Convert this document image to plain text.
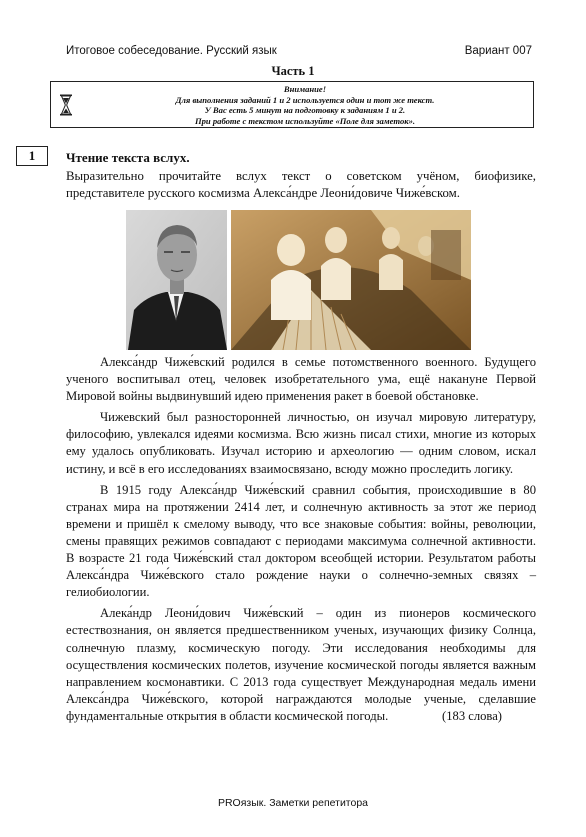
Итоговое собеседование. Русский язык	Вариант 007
Часть 1
Внимание!
Для выполнения заданий 1 и 2 используется один и тот же текст.
У Вас есть 5 минут на подготовку к заданиям 1 и 2.
При работе с текстом используйте «Поле для заметок».
1	Чтение текста вслух.
Выразительно прочитайте вслух текст о советском учёном, биофизике,
представителе русского космизма Алекса́ндре Леони́довиче Чиже́вском.

Алекса́ндр Чиже́вский родился в семье потомственного военного. Будущего ученого воспитывал отец, человек изобретательного ума, ещё накануне Первой Мировой войны выдвинувший идею применения ракет в боевой обстановке.

Чижевский был разносторонней личностью, он изучал мировую литературу, философию, увлекался идеями космизма. Всю жизнь писал стихи, многие из которых ему удалось опубликовать. Изучал историю и археологию — одним словом, искал истину, и всё в его исследованиях взаимосвязано, всюду можно проследить логику.

В 1915 году Алекса́ндр Чиже́вский сравнил события, происходившие в 80 странах мира на протяжении 2414 лет, и солнечную активность за этот же период времени и пришёл к смелому выводу, что все знаковые события: войны, революции, смены правящих режимов совпадают с периодами максимума солнечной активности. В возрасте 21 года Чиже́вский стал доктором всеобщей истории. Результатом работы Алекса́ндра Чиже́вского стало рождение науки о солнечно-земных связях – гелиобиологии.

Алека́ндр Леони́дович Чиже́вский – один из пионеров космического естествознания, он является предшественником ученых, изучающих физику Солнца, солнечную плазму, космическую погоду. Эти исследования необходимы для осуществления космических полетов, изучение космической погоды является важным направлением космонавтики. С 2013 года существует Международная медаль имени Алекса́ндра Чиже́вского, которой награждаются молодые ученые, сделавшие фундаментальные открытия в области космической погоды.	(183 слова)

PROязык. Заметки репетитора
